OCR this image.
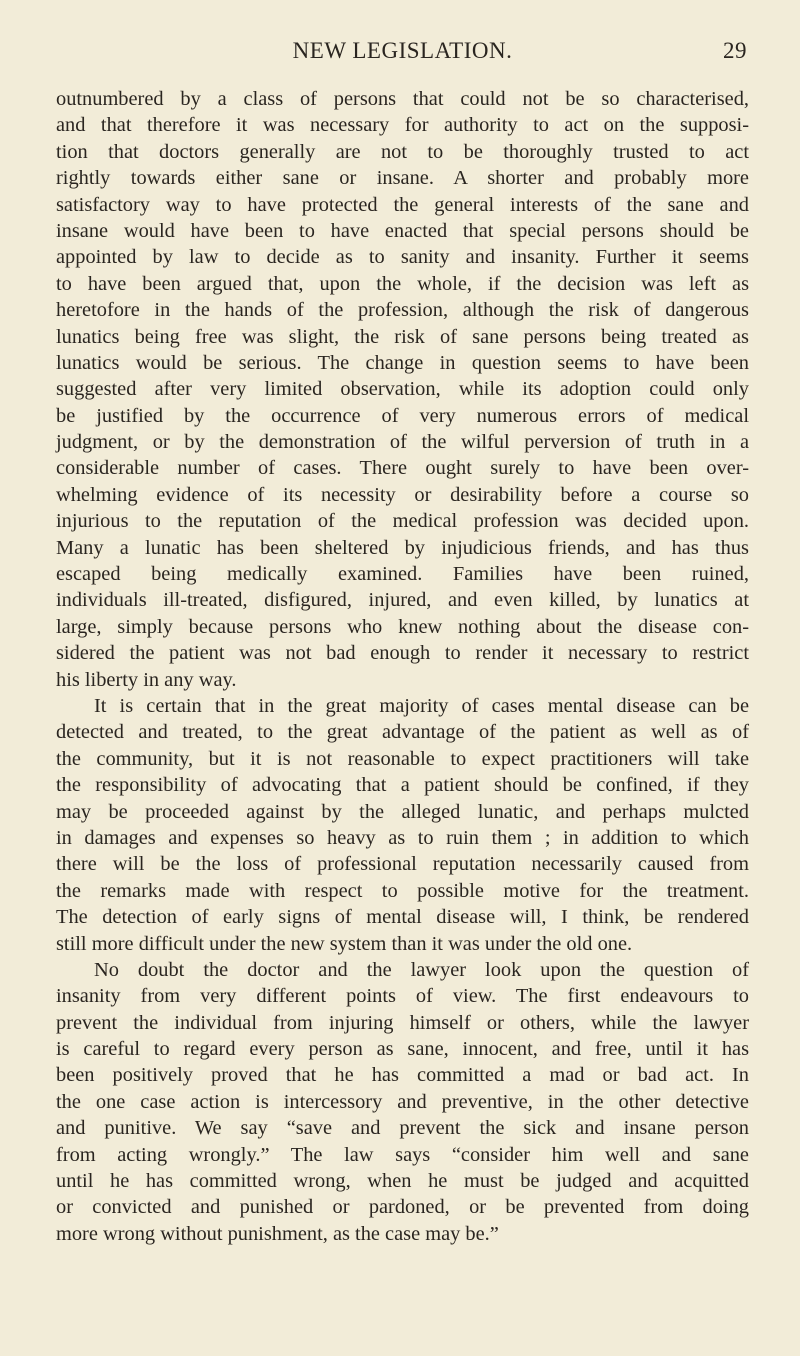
NEW LEGISLATION.	29
outnumbered by a class of persons that could not be so characterised,
and that therefore it was necessary for authority to act on the supposi-
tion that doctors generally are not to be thoroughly trusted to act
rightly towards either sane or insane. A shorter and probably more
satisfactory way to have protected the general interests of the sane and
insane would have been to have enacted that special persons should be
appointed by law to decide as to sanity and insanity. Further it seems
to have been argued that, upon the whole, if the decision was left as
heretofore in the hands of the profession, although the risk of dangerous
lunatics being free was slight, the risk of sane persons being treated as
lunatics would be serious. The change in question seems to have been
suggested after very limited observation, while its adoption could only
be justified by the occurrence of very numerous errors of medical
judgment, or by the demonstration of the wilful perversion of truth in a
considerable number of cases. There ought surely to have been over-
whelming evidence of its necessity or desirability before a course so
injurious to the reputation of the medical profession was decided upon.
Many a lunatic has been sheltered by injudicious friends, and has thus
escaped being medically examined. Families have been ruined,
individuals ill-treated, disfigured, injured, and even killed, by lunatics at
large, simply because persons who knew nothing about the disease con-
sidered the patient was not bad enough to render it necessary to restrict
his liberty in any way.
It is certain that in the great majority of cases mental disease can be
detected and treated, to the great advantage of the patient as well as of
the community, but it is not reasonable to expect practitioners will take
the responsibility of advocating that a patient should be confined, if they
may be proceeded against by the alleged lunatic, and perhaps mulcted
in damages and expenses so heavy as to ruin them ; in addition to which
there will be the loss of professional reputation necessarily caused from
the remarks made with respect to possible motive for the treatment.
The detection of early signs of mental disease will, I think, be rendered
still more difficult under the new system than it was under the old one.
No doubt the doctor and the lawyer look upon the question of
insanity from very different points of view. The first endeavours to
prevent the individual from injuring himself or others, while the lawyer
is careful to regard every person as sane, innocent, and free, until it has
been positively proved that he has committed a mad or bad act. In
the one case action is intercessory and preventive, in the other detective
and punitive. We say “save and prevent the sick and insane person
from acting wrongly.” The law says “consider him well and sane
until he has committed wrong, when he must be judged and acquitted
or convicted and punished or pardoned, or be prevented from doing
more wrong without punishment, as the case may be.”
